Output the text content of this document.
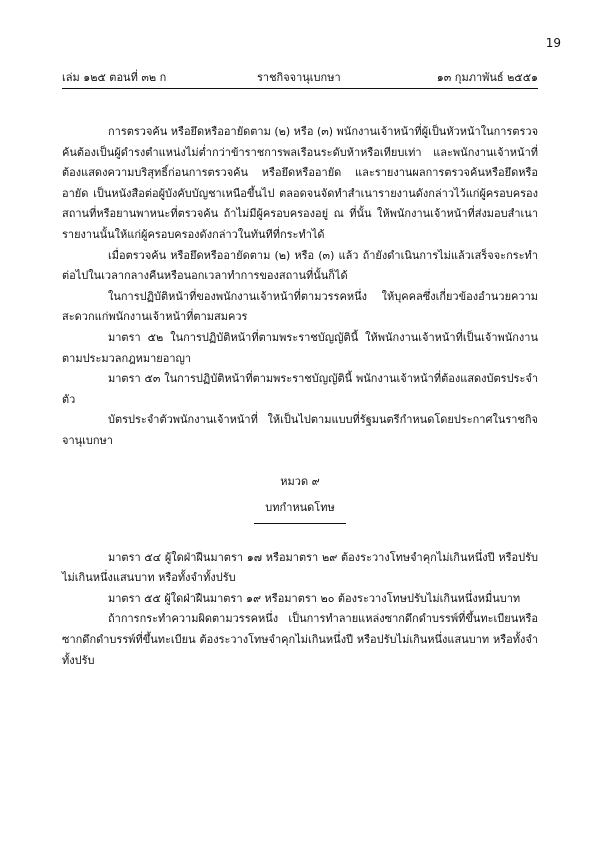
19
เล่ม ๑๒๕ ตอนที่ ๓๒ ก	ราชกิจจานุเบกษา	๑๓ กุมภาพันธ์ ๒๕๕๑

การตรวจค้น หรือยึดหรืออายัดตาม (๒) หรือ (๓) พนักงานเจ้าหน้าที่ผู้เป็นหัวหน้าในการตรวจค้นต้องเป็นผู้ดำรงตำแหน่งไม่ต่ำกว่าข้าราชการพลเรือนระดับห้าหรือเทียบเท่า และพนักงานเจ้าหน้าที่ต้องแสดงความบริสุทธิ์ก่อนการตรวจค้น หรือยึดหรืออายัด และรายงานผลการตรวจค้นหรือยึดหรืออายัด เป็นหนังสือต่อผู้บังคับบัญชาเหนือขึ้นไป ตลอดจนจัดทำสำเนารายงานดังกล่าวไว้แก่ผู้ครอบครองสถานที่หรือยานพาหนะที่ตรวจค้น ถ้าไม่มีผู้ครอบครองอยู่ ณ ที่นั้น ให้พนักงานเจ้าหน้าที่ส่งมอบสำเนารายงานนั้นให้แก่ผู้ครอบครองดังกล่าวในทันทีที่กระทำได้

เมื่อตรวจค้น หรือยึดหรืออายัดตาม (๒) หรือ (๓) แล้ว ถ้ายังดำเนินการไม่แล้วเสร็จจะกระทำต่อไปในเวลากลางคืนหรือนอกเวลาทำการของสถานที่นั้นก็ได้

ในการปฏิบัติหน้าที่ของพนักงานเจ้าหน้าที่ตามวรรคหนึ่ง ให้บุคคลซึ่งเกี่ยวข้องอำนวยความสะดวกแก่พนักงานเจ้าหน้าที่ตามสมควร

มาตรา ๕๒ ในการปฏิบัติหน้าที่ตามพระราชบัญญัตินี้ ให้พนักงานเจ้าหน้าที่เป็นเจ้าพนักงานตามประมวลกฎหมายอาญา

มาตรา ๕๓ ในการปฏิบัติหน้าที่ตามพระราชบัญญัตินี้ พนักงานเจ้าหน้าที่ต้องแสดงบัตรประจำตัว

บัตรประจำตัวพนักงานเจ้าหน้าที่ ให้เป็นไปตามแบบที่รัฐมนตรีกำหนดโดยประกาศในราชกิจจานุเบกษา

หมวด ๙
บทกำหนดโทษ

มาตรา ๕๔ ผู้ใดฝ่าฝืนมาตรา ๑๗ หรือมาตรา ๒๙ ต้องระวางโทษจำคุกไม่เกินหนึ่งปี หรือปรับไม่เกินหนึ่งแสนบาท หรือทั้งจำทั้งปรับ

มาตรา ๕๕ ผู้ใดฝ่าฝืนมาตรา ๑๙ หรือมาตรา ๒๐ ต้องระวางโทษปรับไม่เกินหนึ่งหมื่นบาท

ถ้าการกระทำความผิดตามวรรคหนึ่ง เป็นการทำลายแหล่งซากดึกดำบรรพ์ที่ขึ้นทะเบียนหรือซากดึกดำบรรพ์ที่ขึ้นทะเบียน ต้องระวางโทษจำคุกไม่เกินหนึ่งปี หรือปรับไม่เกินหนึ่งแสนบาท หรือทั้งจำทั้งปรับ
